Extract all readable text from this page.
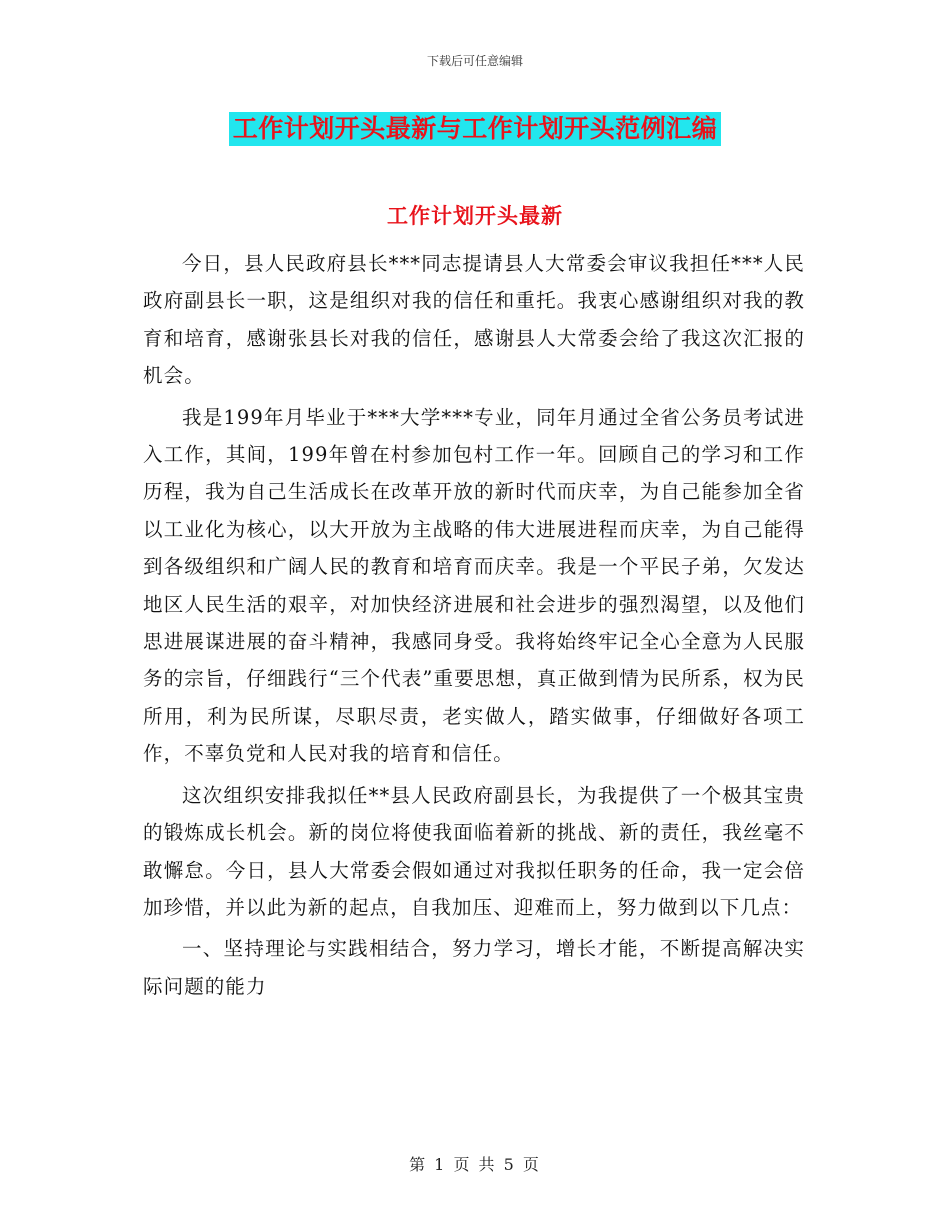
下载后可任意编辑
工作计划开头最新与工作计划开头范例汇编
工作计划开头最新

今日，县人民政府县长***同志提请县人大常委会审议我担任***人民政府副县长一职，这是组织对我的信任和重托。我衷心感谢组织对我的教育和培育，感谢张县长对我的信任，感谢县人大常委会给了我这次汇报的机会。

我是199年月毕业于***大学***专业，同年月通过全省公务员考试进入工作，其间，199年曾在村参加包村工作一年。回顾自己的学习和工作历程，我为自己生活成长在改革开放的新时代而庆幸，为自己能参加全省以工业化为核心，以大开放为主战略的伟大进展进程而庆幸，为自己能得到各级组织和广阔人民的教育和培育而庆幸。我是一个平民子弟，欠发达地区人民生活的艰辛，对加快经济进展和社会进步的强烈渴望，以及他们思进展谋进展的奋斗精神，我感同身受。我将始终牢记全心全意为人民服务的宗旨，仔细践行“三个代表”重要思想，真正做到情为民所系，权为民所用，利为民所谋，尽职尽责，老实做人，踏实做事，仔细做好各项工作，不辜负党和人民对我的培育和信任。

这次组织安排我拟任**县人民政府副县长，为我提供了一个极其宝贵的锻炼成长机会。新的岗位将使我面临着新的挑战、新的责任，我丝毫不敢懈怠。今日，县人大常委会假如通过对我拟任职务的任命，我一定会倍加珍惜，并以此为新的起点，自我加压、迎难而上，努力做到以下几点：

一、坚持理论与实践相结合，努力学习，增长才能，不断提高解决实际问题的能力

第 1 页 共 5 页
